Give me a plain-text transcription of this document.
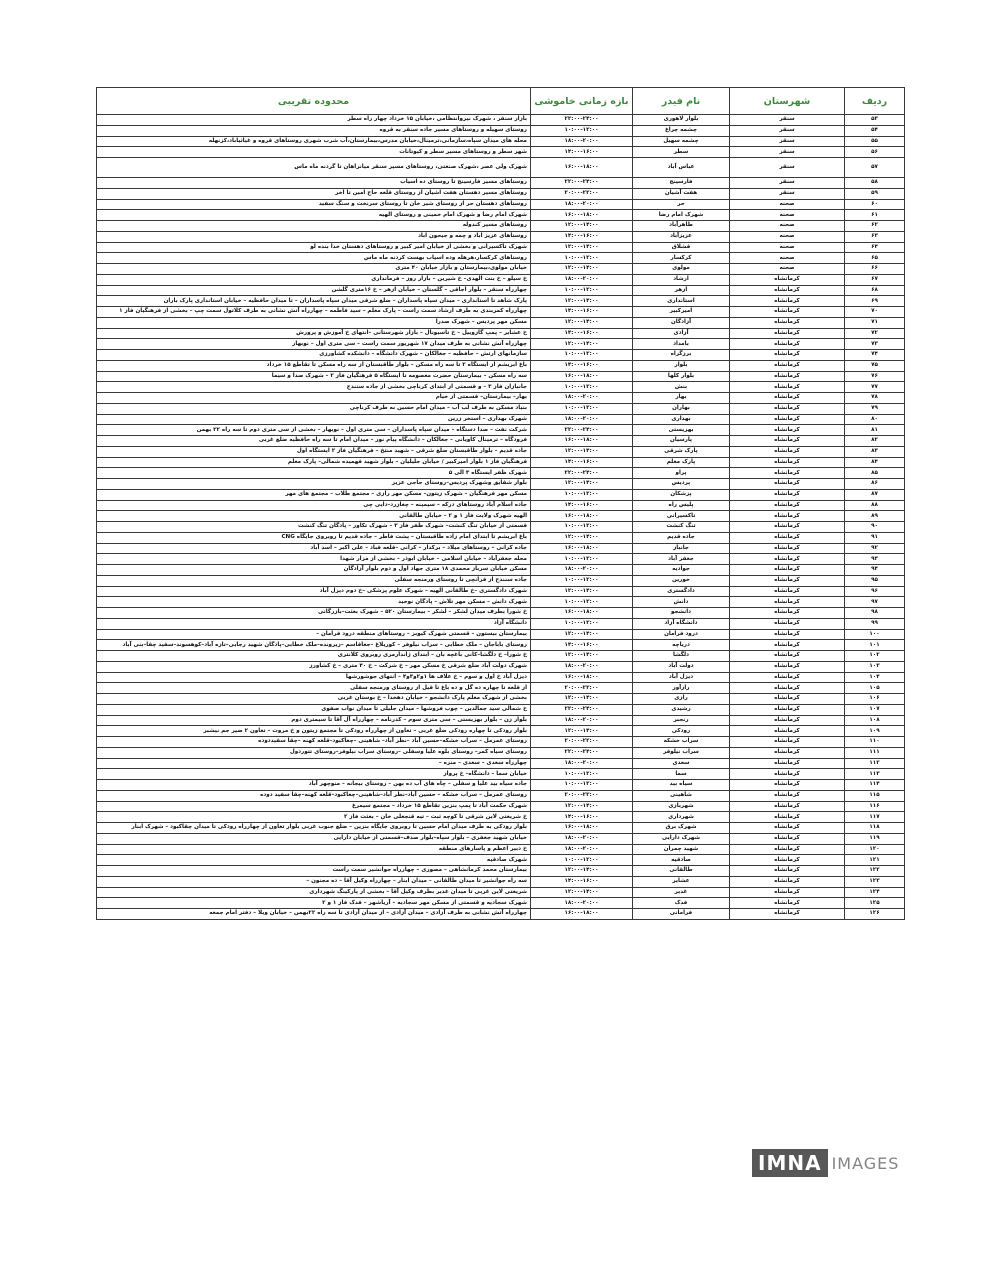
ردیف	شهرستان	نام فیدر	بازه زمانی خاموشی	محدوده تقریبی
۵۳	سنقر	بلوار لاهوری	۲۲:۰۰-۲۴:۰۰	بازار سنقر ، شهرک نیروانتظامی ،خیابان ۱۵ خرداد چهار راه سطر
۵۴	سنقر	چشمه چراغ	۱۰:۰۰-۱۲:۰۰	روستای سهیله و روستاهای مسیر جاده سنقر به قروه
۵۵	سنقر	چشمه سهیل	۱۸:۰۰-۲۰:۰۰	محله های میدان سپاه،سازمانی،ترمینال،خیابان مدرس،بیمارستان،آب شرب شهری روستاهای قروه و غیاثیاباد،کزنهله
۵۶	سنقر	سطر	۱۴:۰۰-۱۶:۰۰	شهر سطر و روستاهای مسیر سطر و کیوتانات
۵۷	سنقر	عباس آباد	۱۶:۰۰-۱۸:۰۰	شهرک ولی عصر ،شهرک صنعتی، روستاهای مسیر سنقر میانراهان تا گردنه ماه ماس
۵۸	سنقر	فارسینج	۲۲:۰۰-۲۴:۰۰	روستاهای مسیر فارسینج تا روستای ده اسیاب
۵۹	سنقر	هفت آشیان	۲۰:۰۰-۲۲:۰۰	روستاهای مسیر دهستان هفت اشیان از روستای قلعه حاج امین تا اخر
۶۰	صحنه	حر	۱۸:۰۰-۲۰:۰۰	روستاهای دهستان حر از روستای شیر خان تا روستای سرنخت و سنگ سفید
۶۱	صحنه	شهرک امام رضا	۱۶:۰۰-۱۸:۰۰	شهرک امام رضا و شهرک امام خمینی و روستای الهیه
۶۲	صحنه	طاهرآباد	۱۲:۰۰-۱۴:۰۰	روستاهای مسیر کندوله
۶۳	صحنه	عزیزآباد	۱۴:۰۰-۱۶:۰۰	روستاهای عزیز اباد و چمه و جیحون اباد
۶۴	صحنه	قشلاق	۱۲:۰۰-۱۴:۰۰	شهرک تاکسیرانی و بخشی از خیابان امیر کبیر و روستاهای دهستان خدا بنده لو
۶۵	صحنه	کرکسار	۱۰:۰۰-۱۲:۰۰	روستاهای کرکسار،هرهله وده اسیاب بهست کردنه ماه ماس
۶۶	صحنه	مولوی	۱۲:۰۰-۱۴:۰۰	خیابان مولوی،بیمارستان و بازار خیابان ۴۰ متری
۶۷	کرمانشاه	ارشاد	۱۸:۰۰-۲۰:۰۰	خ سیلو – خ بنت الهدی– خ شیرین – بازار روز – فرمانداری
۶۸	کرمانشاه	ازهر	۱۰:۰۰-۱۲:۰۰	چهارراه سنقر – بلوار اجاقی – گلستان – خیابان ازهر – خ ۱۶متری گلشن
۶۹	کرمانشاه	استانداری	۱۲:۰۰-۱۴:۰۰	پارک شاهد تا استانداری – میدان سپاه پاسداران – ضلع شرقی میدان سپاه پاسداران – تا میدان حافظیه – خیابان استانداری پارک باران
۷۰	کرمانشاه	امیرکبیر	۱۴:۰۰-۱۶:۰۰	چهارراه کمربندی به طرف ارشاد سمت راست – پارک معلم – سید فاطمه – چهارراه آتش نشانی به طرف کلاتول سمت چپ – بخشی از فرهنگیان فاز ۱
۷۱	کرمانشاه	آزادگان	۱۲:۰۰-۱۴:۰۰	مسکن مهر پردیس – شهرک صدرا
۷۲	کرمانشاه	آزادی	۱۴:۰۰-۱۶:۰۰	خ عشایر – پمپ گازوییل – خ تاسیونال – بازار شهرستانی –انتهای خ آموزش و پرورش
۷۳	کرمانشاه	بامداد	۱۲:۰۰-۱۴:۰۰	چهارراه آتش نشانی به طرف میدان ۱۷ شهریور سمت راست – سی متری اول – نوبهار
۷۴	کرمانشاه	برزگراه	۱۰:۰۰-۱۲:۰۰	سازمانهای ارتش – حافظیه – جغالکان – شهرک دانشگاه – دانشکده کشاورزی
۷۵	کرمانشاه	بلوار	۱۴:۰۰-۱۶:۰۰	باغ ابریشم از ایستگاه ۲ تا سه راه مسکن – بلوار طاقبستان از سه راه مسکن تا تقاطع ۱۵ خرداد
۷۶	کرمانشاه	بلوار کلها	۱۶:۰۰-۱۸:۰۰	سه راه مسکن – بیمارستان حضرت معصومه تا ایستگاه ۵ فرهنگیان فاز ۲ – شهرک صدا و سیما
۷۷	کرمانشاه	بنش	۱۰:۰۰-۱۲:۰۰	جانبازان فاز ۳ – و قسمتی از ابتدای کرناچی بخشی از جاده سنندج
۷۸	کرمانشاه	بهار	۱۸:۰۰-۲۰:۰۰	بهار– بیمارستان– قسمتی از خیام
۷۹	کرمانشاه	بهاران	۱۰:۰۰-۱۲:۰۰	بنیاد مسکن به طرف لب آب – میدان امام حسین به طرف کرناچی
۸۰	کرمانشاه	بهداری	۱۸:۰۰-۲۰:۰۰	شهرک بهداری – استخر زرین
۸۱	کرمانشاه	بهزیستی	۲۲:۰۰-۲۴:۰۰	شرکت نفت – صدا دستگاه – میدان سپاه پاسداران – سی متری اول – نوبهار – بخشی از سی متری دوم تا سه راه ۲۲ بهمن
۸۲	کرمانشاه	پارسیان	۱۶:۰۰-۱۸:۰۰	فرودگاه – ترمینال کاویانی – جغالکان – دانشگاه پیام نور – میدان امام تا سه راه حافظیه ضلع غربی
۸۳	کرمانشاه	پارک شرقی	۱۲:۰۰-۱۴:۰۰	جاده قدیم – بلوار طاقبستان ضلع شرقی – شهید منتخ – فرهنگیان فاز ۲ ایستگاه اول
۸۴	کرمانشاه	پارک معلم	۱۴:۰۰-۱۶:۰۰	فرهنگیان فاز ۱ بلوار امیرکبیر / خیابان جلیلیان – بلوار شهید فهمیده شمالی– پارک معلم
۸۵	کرمانشاه	پراو	۲۲:۰۰-۲۴:۰۰	شهرک ظفر ایستگاه ۳ الی ۵
۸۶	کرمانشاه	پردیس	۱۲:۰۰-۱۴:۰۰	بلوار شقایق وشهرک پردیس–روستای حاجی عزیز
۸۷	کرمانشاه	پزشکان	۱۰:۰۰-۱۲:۰۰	مسکن مهر فرهنگیان – شهرک زیتون– مسکن مهر رازی – مجتمع طلاب – مجتمع های مهر
۸۸	کرمانشاه	پلیس راه	۱۴:۰۰-۱۶:۰۰	جاده اسلام آباد روستاهای درکه – سیمینه – چغازرد–دایی چی
۸۹	کرمانشاه	تاکسیرانی	۱۶:۰۰-۱۸:۰۰	الهیه شهرک ولایت فاز ۱ و ۲ – خیابان طالقانی
۹۰	کرمانشاه	تنگ کنشت	۱۰:۰۰-۱۲:۰۰	قسمتی از خیابان تنگ کنشت– شهرک ظفر فاز ۳ – شهرک تکاور – پادگان تنگ کنشت
۹۱	کرمانشاه	جاده قدیم	۱۲:۰۰-۱۴:۰۰	باغ ابریشم تا ابتدای امام زاده طاقبستان – پشت فاطر – جاده قدیم تا روبروی جایگاه CNG
۹۲	کرمانشاه	جانباز	۱۶:۰۰-۱۸:۰۰	جاده کرانی – روستاهای میلاد – برکدار – کرانی –قلعه قباد – علی اکبر – اسد آباد
۹۳	کرمانشاه	جعفر آباد	۱۰:۰۰-۱۲:۰۰	محله جعفرآباد – خیابان اسلامی – خیابان ابوذر – بخشی از مزار شهدا
۹۴	کرمانشاه	جوادیه	۱۸:۰۰-۲۰:۰۰	مسکن خیابان سرباز محمدی ۱۸ متری جهاد اول و دوم بلوار آزادگان
۹۵	کرمانشاه	خورین	۱۰:۰۰-۱۲:۰۰	جاده سنندج از فرانچی تا روستای ورمنجه سفلی
۹۶	کرمانشاه	دادگستری	۱۲:۰۰-۱۴:۰۰	شهرک دادگستری –خ طالقانی الهیه – شهرک علوم پزشکی –خ دوم دیزل آباد
۹۷	کرمانشاه	دانش	۱۰:۰۰-۱۲:۰۰	شهرک دانش – مسکن مهر تلاش – پادگان نوحید
۹۸	کرمانشاه	دانشجو	۱۶:۰۰-۱۸:۰۰	خ شورا بطرف میدان لشکر – لشکر – بیمارستان ۵۲۰ – شهرک بعثت–بازرگانی
۹۹	کرمانشاه	دانشگاه آزاد	۱۰:۰۰-۱۲:۰۰	دانشگاه آزاد
۱۰۰	کرمانشاه	درود فرامان	۱۲:۰۰-۱۴:۰۰	بیمارستان بیستون – قسمتی شهرک کیوبز – روستاهای منطقه درود فرامان –
۱۰۱	کرمانشاه	دریاچه	۱۴:۰۰-۱۶:۰۰	روستای باباجان – ملک خطابی – سراب نیلوفر – کوریلاغ –جغاقاسم –زیرونده–ملک خطابی–پادگان شهید رجایی–تازه آباد–کوهسوند–سفید چقا–بنی آباد
۱۰۲	کرمانشاه	دلگشا	۱۲:۰۰-۱۴:۰۰	خ شورا– خ دلگشا–کانی باغچه بان – ابتدای ژاندارمری روبروی کلانتری
۱۰۳	کرمانشاه	دولت آباد	۱۸:۰۰-۲۰:۰۰	شهرک دولت آباد ضلع شرقی خ مسکن مهر – خ شرکت – خ ۴۰ متری – خ کشاورز
۱۰۴	کرمانشاه	دیزل آباد	۱۶:۰۰-۱۸:۰۰	دیزل آباد خ اول و سوم – خ علاف ها ۱و۲و۳و۴ – انتهای جوشورشها
۱۰۵	کرمانشاه	رازآور	۲۰:۰۰-۲۲:۰۰	از قلعه تا چهاره ده گل و ده باغ تا قیل از روستای ورمنجه سفلی
۱۰۶	کرمانشاه	رازی	۱۲:۰۰-۱۴:۰۰	بخشی از شهرک معلم پارک دانشجو – خیابان دهخدا – خ بوستان غربی
۱۰۷	کرمانشاه	رشیدی	۲۲:۰۰-۲۴:۰۰	خ شمالی سید جمالدین – چوب فروشها – میدان جلیلی تا میدان نواب صفوی
۱۰۸	کرمانشاه	رنجبر	۱۸:۰۰-۲۰:۰۰	بلوار زن – بلوار بهزیستی – سی متری سوم – کدرنامه – چهارراه آل آقا تا سیمتری دوم
۱۰۹	کرمانشاه	رودکی	۱۲:۰۰-۱۴:۰۰	بلوار رودکی تا چهاره رودکی ضلع غربی – تعاون از چهارراه رودکی تا مجتمع زیتون و خ مروت – تعاون ۲ ضیر جم نیشبر
۱۱۰	کرمانشاه	سراب خشکه	۲۰:۰۰-۲۲:۰۰	روستای عمرمل – سراب خشکه–حسین آباد –نظر آباد– شاهینی –چغاکبود–قلعه کهنه –چقا سفیددوده
۱۱۱	کرمانشاه	سراب نیلوفر	۲۲:۰۰-۲۴:۰۰	روستای سیاه کمر– روستای بلوه علیا وسفلی –روستای سراب نیلوفر–روستای تتوردول
۱۱۲	کرمانشاه	سعدی	۱۸:۰۰-۲۰:۰۰	چهارراه سعدی – سعدی – منزه –
۱۱۳	کرمانشاه	سما	۱۰:۰۰-۱۲:۰۰	خیابان سما – دانشگاه– خ پرواز
۱۱۴	کرمانشاه	سیاه بید	۱۰:۰۰-۱۲:۰۰	جاده سیاه بید علیا و سفلی – چاه های آب ده بهن – روستای بیجانه – منوچهر آباد
۱۱۵	کرمانشاه	شاهینی	۲۰:۰۰-۲۲:۰۰	روستای عمرمل – سراب خشکه – حسین آباد–نظر آباد–شاهینی–چغاکبود–قلعه کهنه–چقا سفید دوده
۱۱۶	کرمانشاه	شهربازی	۱۲:۰۰-۱۴:۰۰	شهرک حکمت آباد تا پمپ بنزین تقاطع ۱۵ خرداد – مجتمع سیمرغ
۱۱۷	کرمانشاه	شهرداری	۱۴:۰۰-۱۶:۰۰	خ شریعتی لاین شرقی تا کوچه ثبت – تیه قنجعلی خان – بعثت فاز ۲
۱۱۸	کرمانشاه	شهرک برق	۱۶:۰۰-۱۸:۰۰	بلوار رودکی به طرف میدان امام حسین تا روبروی جایگاه بنزین – ضلع جنوب غربی بلوار تعاون از چهارراه رودکی تا میدان چقاکبود – شهرک ابنار
۱۱۹	کرمانشاه	شهرک دارایی	۱۸:۰۰-۲۰:۰۰	خیابان شهید جعفری – بلوار سپاه–بلوار صدف–قسمتی از خیابان دارایی
۱۲۰	کرمانشاه	شهید چمران	۱۸:۰۰-۲۰:۰۰	خ دبیر اعظم و پاسارهای منطقه
۱۲۱	کرمانشاه	صادقیه	۱۰:۰۰-۱۲:۰۰	شهرک صادقیه
۱۲۲	کرمانشاه	طالقانی	۱۲:۰۰-۱۴:۰۰	بیمارستان محمد کرمانشاهی – مصوری – چهارراه جوانشیر سمت راست
۱۲۳	کرمانشاه	عشایر	۱۴:۰۰-۱۶:۰۰	سه راه جوانشیر تا میدان طالقانی – میدان ابنار – چهارراه وکیل آقا – ده مجنون –
۱۲۴	کرمانشاه	غدیر	۱۲:۰۰-۱۴:۰۰	شریعتی لاین غربی تا میدان غدیر بطرف وکیل آقا – بخشی از پارکینگ شهرداری
۱۲۵	کرمانشاه	فدک	۱۸:۰۰-۲۰:۰۰	شهرک سجادیه و قسمتی از مسکن مهر سجادیه – آریاشهر – فدک فاز ۱ و ۲
۱۲۶	کرمانشاه	فرامانی	۱۶:۰۰-۱۸:۰۰	چهارراه آتش نشانی به طرف آزادی – میدان آزادی – از میدان آزادی تا سه راه ۲۲بهمن – خیابان ویلا – دفتر امام جمعه
IMNA IMAGES
